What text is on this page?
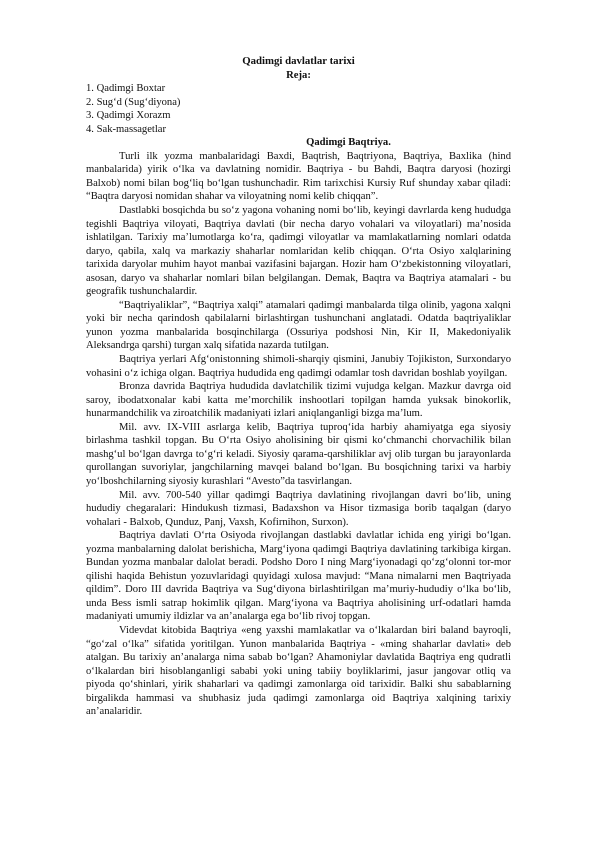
Qadimgi davlatlar tarixi

Reja:

1. Qadimgi Boxtar
2. Sug‘d (Sug‘diyona)
3. Qadimgi Xorazm
4. Sak-massagetlar

Qadimgi Baqtriya.

Turli ilk yozma manbalaridagi Baxdi, Baqtrish, Baqtriyona, Baqtriya, Baxlika (hind manbalarida) yirik o‘lka va davlatning nomidir. Baqtriya - bu Bahdi, Baqtra daryosi (hozirgi Balxob) nomi bilan bog‘liq bo‘lgan tushunchadir. Rim tarixchisi Kursiy Ruf shunday xabar qiladi: “Baqtra daryosi nomidan shahar va viloyatning nomi kelib chiqqan”.

Dastlabki bosqichda bu so‘z yagona vohaning nomi bo‘lib, keyingi davrlarda keng hududga tegishli Baqtriya viloyati, Baqtriya davlati (bir necha daryo vohalari va viloyatlari) ma’nosida ishlatilgan. Tarixiy ma’lumotlarga ko‘ra, qadimgi viloyatlar va mamlakatlarning nomlari odatda daryo, qabila, xalq va markaziy shaharlar nomlaridan kelib chiqqan. O‘rta Osiyo xalqlarining tarixida daryolar muhim hayot manbai vazifasini bajargan. Hozir ham O‘zbekistonning viloyatlari, asosan, daryo va shaharlar nomlari bilan belgilangan. Demak, Baqtra va Baqtriya atamalari - bu geografik tushunchalardir.

“Baqtriyaliklar”, “Baqtriya xalqi” atamalari qadimgi manbalarda tilga olinib, yagona xalqni yoki bir necha qarindosh qabilalarni birlashtirgan tushunchani anglatadi. Odatda baqtriyaliklar yunon yozma manbalarida bosqinchilarga (Ossuriya podshosi Nin, Kir II, Makedoniyalik Aleksandrga qarshi) turgan xalq sifatida nazarda tutilgan.

Baqtriya yerlari Afg‘onistonning shimoli-sharqiy qismini, Janubiy Tojikiston, Surxondaryo vohasini o‘z ichiga olgan. Baqtriya hududida eng qadimgi odamlar tosh davridan boshlab yoyilgan.

Bronza davrida Baqtriya hududida davlatchilik tizimi vujudga kelgan. Mazkur davrga oid saroy, ibodatxonalar kabi katta me’morchilik inshootlari topilgan hamda yuksak binokorlik, hunarmandchilik va ziroatchilik madaniyati izlari aniqlanganligi bizga ma’lum.

Mil. avv. IX-VIII asrlarga kelib, Baqtriya tuproq‘ida harbiy ahamiyatga ega siyosiy birlashma tashkil topgan. Bu O‘rta Osiyo aholisining bir qismi ko‘chmanchi chorvachilik bilan mashg‘ul bo‘lgan davrga to‘g‘ri keladi. Siyosiy qarama-qarshiliklar avj olib turgan bu jarayonlarda qurollangan suvoriylar, jangchilarning mavqei baland bo‘lgan. Bu bosqichning tarixi va harbiy yo‘lboshchilarning siyosiy kurashlari “Avesto”da tasvirlangan.

Mil. avv. 700-540 yillar qadimgi Baqtriya davlatining rivojlangan davri bo‘lib, uning hududiy chegaralari: Hindukush tizmasi, Badaxshon va Hisor tizmasiga borib taqalgan (daryo vohalari - Balxob, Qunduz, Panj, Vaxsh, Kofirnihon, Surxon).

Baqtriya davlati O‘rta Osiyoda rivojlangan dastlabki davlatlar ichida eng yirigi bo‘lgan. yozma manbalarning dalolat berishicha, Marg‘iyona qadimgi Baqtriya davlatining tarkibiga kirgan. Bundan yozma manbalar dalolat beradi. Podsho Doro I ning Marg‘iyonadagi qo‘zg‘olonni tor-mor qilishi haqida Behistun yozuvlaridagi quyidagi xulosa mavjud: “Mana nimalarni men Baqtriyada qildim”. Doro III davrida Baqtriya va Sug‘diyona birlashtirilgan ma’muriy-hududiy o‘lka bo‘lib, unda Bess ismli satrap hokimlik qilgan. Marg‘iyona va Baqtriya aholisining urf-odatlari hamda madaniyati umumiy ildizlar va an’analarga ega bo‘lib rivoj topgan.

Videvdat kitobida Baqtriya «eng yaxshi mamlakatlar va o‘lkalardan biri baland bayroqli, “go‘zal o‘lka” sifatida yoritilgan. Yunon manbalarida Baqtriya - «ming shaharlar davlati» deb atalgan. Bu tarixiy an’analarga nima sabab bo‘lgan? Ahamoniylar davlatida Baqtriya eng qudratli o‘lkalardan biri hisoblanganligi sababi yoki uning tabiiy boyliklarimi, jasur jangovar otliq va piyoda qo‘shinlari, yirik shaharlari va qadimgi zamonlarga oid tarixidir. Balki shu sabablarning birgalikda hammasi va shubhasiz juda qadimgi zamonlarga oid Baqtriya xalqining tarixiy an’analaridir.
